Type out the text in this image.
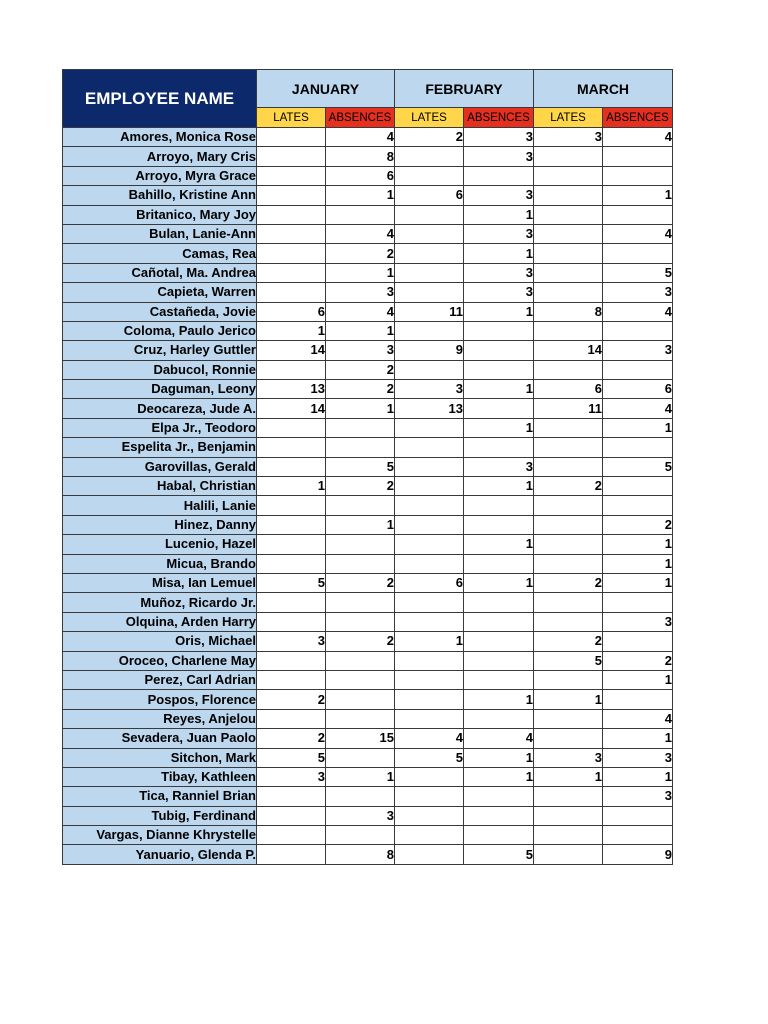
EMPLOYEE NAME	JANUARY		FEBRUARY		MARCH	
	LATES	ABSENCES	LATES	ABSENCES	LATES	ABSENCES
Amores, Monica Rose		4	2	3	3	4
Arroyo, Mary Cris		8		3		
Arroyo, Myra Grace		6				
Bahillo, Kristine Ann		1	6	3		1
Britanico, Mary Joy				1		
Bulan, Lanie-Ann		4		3		4
Camas, Rea		2		1		
Cañotal, Ma. Andrea		1		3		5
Capieta, Warren		3		3		3
Castañeda, Jovie	6	4	11	1	8	4
Coloma, Paulo Jerico	1	1				
Cruz, Harley Guttler	14	3	9		14	3
Dabucol, Ronnie		2				
Daguman, Leony	13	2	3	1	6	6
Deocareza, Jude A.	14	1	13		11	4
Elpa Jr., Teodoro				1		1
Espelita Jr., Benjamin						
Garovillas, Gerald		5		3		5
Habal, Christian	1	2		1	2	
Halili, Lanie						
Hinez, Danny		1				2
Lucenio, Hazel				1		1
Micua, Brando						1
Misa, Ian Lemuel	5	2	6	1	2	1
Muñoz, Ricardo Jr.						
Olquina, Arden Harry						3
Oris, Michael	3	2	1		2	
Oroceo, Charlene May					5	2
Perez, Carl Adrian						1
Pospos, Florence	2			1	1	
Reyes, Anjelou						4
Sevadera, Juan Paolo	2	15	4	4		1
Sitchon, Mark	5		5	1	3	3
Tibay, Kathleen	3	1		1	1	1
Tica, Ranniel Brian						3
Tubig, Ferdinand		3				
Vargas, Dianne Khrystelle						
Yanuario, Glenda P.		8		5		9
